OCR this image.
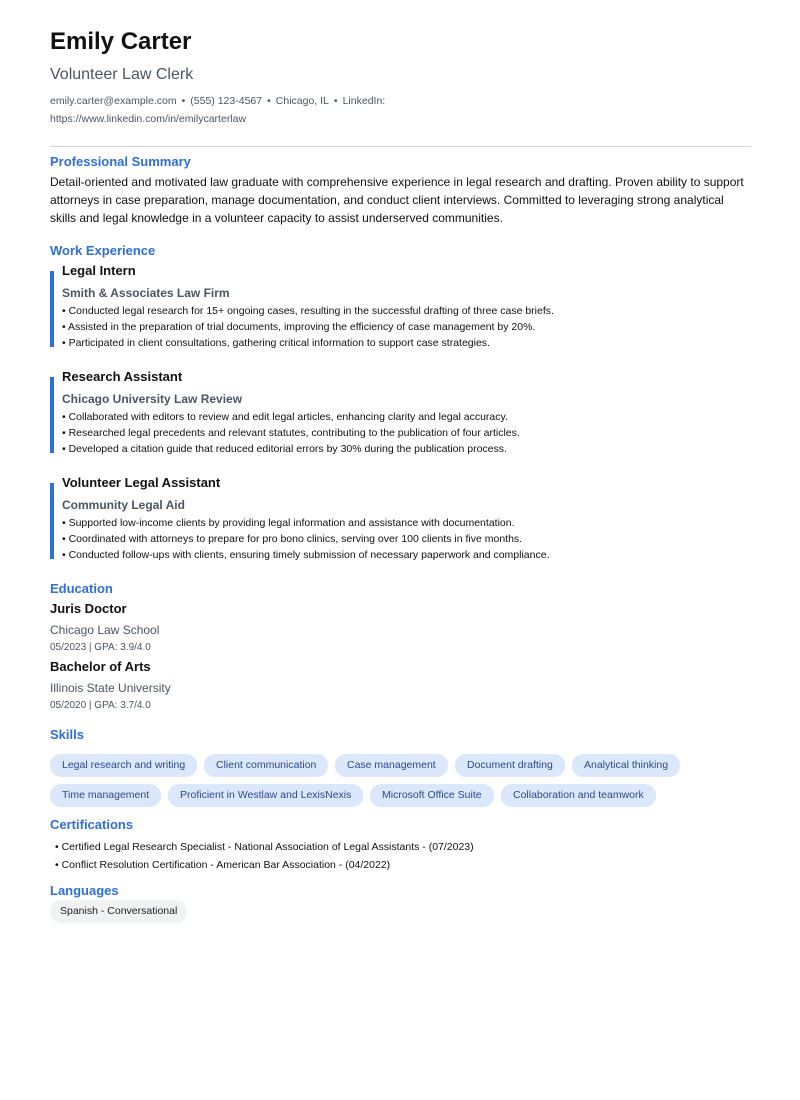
Emily Carter
Volunteer Law Clerk
emily.carter@example.com • (555) 123-4567 • Chicago, IL • LinkedIn:
https://www.linkedin.com/in/emilycarterlaw
Professional Summary
Detail-oriented and motivated law graduate with comprehensive experience in legal research and drafting. Proven ability to support attorneys in case preparation, manage documentation, and conduct client interviews. Committed to leveraging strong analytical skills and legal knowledge in a volunteer capacity to assist underserved communities.
Work Experience
Legal Intern
Smith & Associates Law Firm
• Conducted legal research for 15+ ongoing cases, resulting in the successful drafting of three case briefs.
• Assisted in the preparation of trial documents, improving the efficiency of case management by 20%.
• Participated in client consultations, gathering critical information to support case strategies.
Research Assistant
Chicago University Law Review
• Collaborated with editors to review and edit legal articles, enhancing clarity and legal accuracy.
• Researched legal precedents and relevant statutes, contributing to the publication of four articles.
• Developed a citation guide that reduced editorial errors by 30% during the publication process.
Volunteer Legal Assistant
Community Legal Aid
• Supported low-income clients by providing legal information and assistance with documentation.
• Coordinated with attorneys to prepare for pro bono clinics, serving over 100 clients in five months.
• Conducted follow-ups with clients, ensuring timely submission of necessary paperwork and compliance.
Education
Juris Doctor
Chicago Law School
05/2023 | GPA: 3.9/4.0
Bachelor of Arts
Illinois State University
05/2020 | GPA: 3.7/4.0
Skills
Legal research and writing	Client communication	Case management	Document drafting	Analytical thinking
Time management	Proficient in Westlaw and LexisNexis	Microsoft Office Suite	Collaboration and teamwork
Certifications
• Certified Legal Research Specialist - National Association of Legal Assistants - (07/2023)
• Conflict Resolution Certification - American Bar Association - (04/2022)
Languages
Spanish - Conversational
